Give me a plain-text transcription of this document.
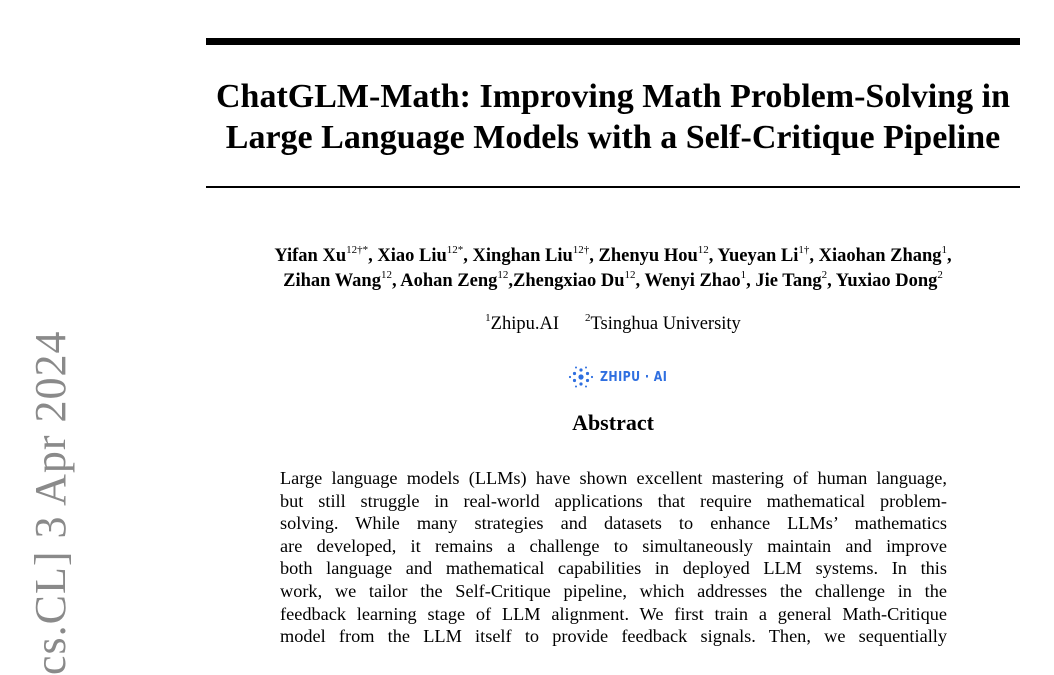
ChatGLM-Math: Improving Math Problem-Solving in
Large Language Models with a Self-Critique Pipeline
Yifan $Xu^{12\dagger*}$, Xiao Liu$^{12*}$, Xinghan Liu$^{12\dagger}$, Zhenyu Hou$^{12}$, Yueyan $Li^{1\dagger}$, Xiaohan Zhang$^1$,
Zihan Wang$^{12}$, Aohan Zeng$^{12}$,Zhengxiao Du$^{12}$, Wenyi Zhao$^1$, Jie Tang$^2$, Yuxiao Dong$^2$
$^1$Zhipu.AI $^2$Tsinghua University
ZHIPU · AI
Abstract
Large language models (LLMs) have shown excellent mastering of human language,
but still struggle in real-world applications that require mathematical problem-
solving. While many strategies and datasets to enhance LLMs’ mathematics
are developed, it remains a challenge to simultaneously maintain and improve
both language and mathematical capabilities in deployed LLM systems. In this
work, we tailor the Self-Critique pipeline, which addresses the challenge in the
feedback learning stage of LLM alignment. We first train a general Math-Critique
model from the LLM itself to provide feedback signals. Then, we sequentially
cs.CL] 3 Apr 2024
